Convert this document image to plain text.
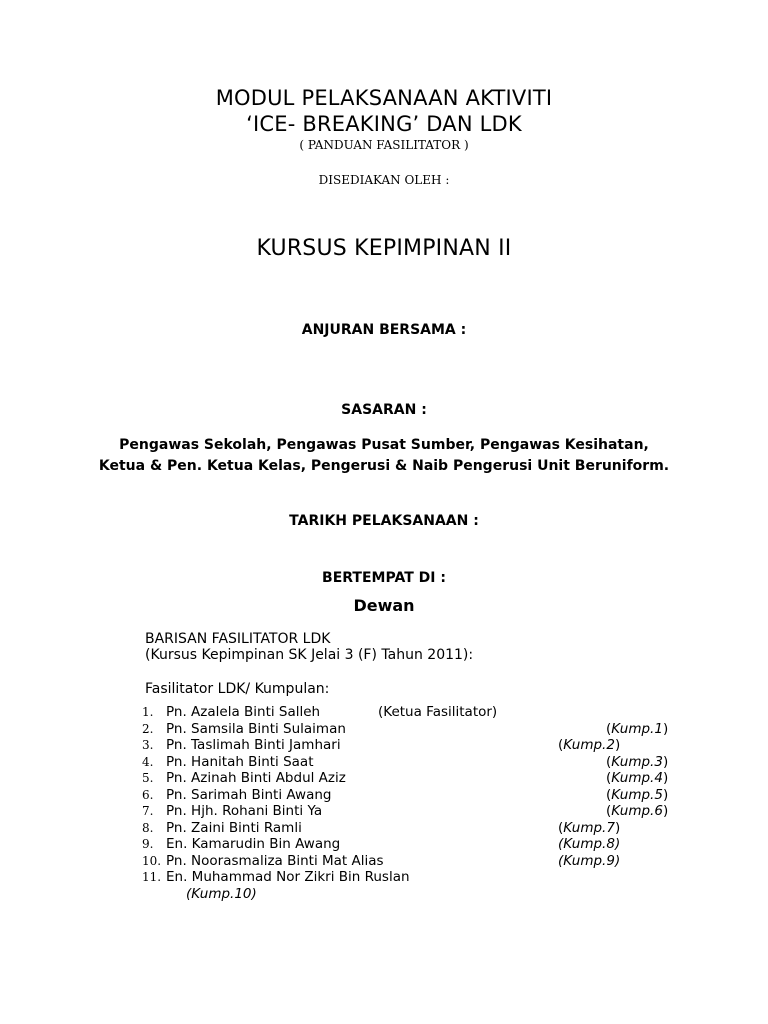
MODUL PELAKSANAAN AKTIVITI
‘ICE- BREAKING’ DAN LDK
( PANDUAN FASILITATOR )
DISEDIAKAN OLEH :
KURSUS KEPIMPINAN II
ANJURAN BERSAMA :
SASARAN :
Pengawas Sekolah, Pengawas Pusat Sumber, Pengawas Kesihatan,
Ketua & Pen. Ketua Kelas, Pengerusi & Naib Pengerusi Unit Beruniform.
TARIKH PELAKSANAAN :
BERTEMPAT DI :
Dewan
BARISAN FASILITATOR LDK
(Kursus Kepimpinan SK Jelai 3 (F) Tahun 2011):
Fasilitator LDK/ Kumpulan:
1. Pn. Azalela Binti Salleh	(Ketua Fasilitator)
2. Pn. Samsila Binti Sulaiman	(Kump.1)
3. Pn. Taslimah Binti Jamhari	(Kump.2)
4. Pn. Hanitah Binti Saat	(Kump.3)
5. Pn. Azinah Binti Abdul Aziz	(Kump.4)
6. Pn. Sarimah Binti Awang	(Kump.5)
7. Pn. Hjh. Rohani Binti Ya	(Kump.6)
8. Pn. Zaini Binti Ramli	(Kump.7)
9. En. Kamarudin Bin Awang	(Kump.8)
10. Pn. Noorasmaliza Binti Mat Alias	(Kump.9)
11. En. Muhammad Nor Zikri Bin Ruslan
(Kump.10)
